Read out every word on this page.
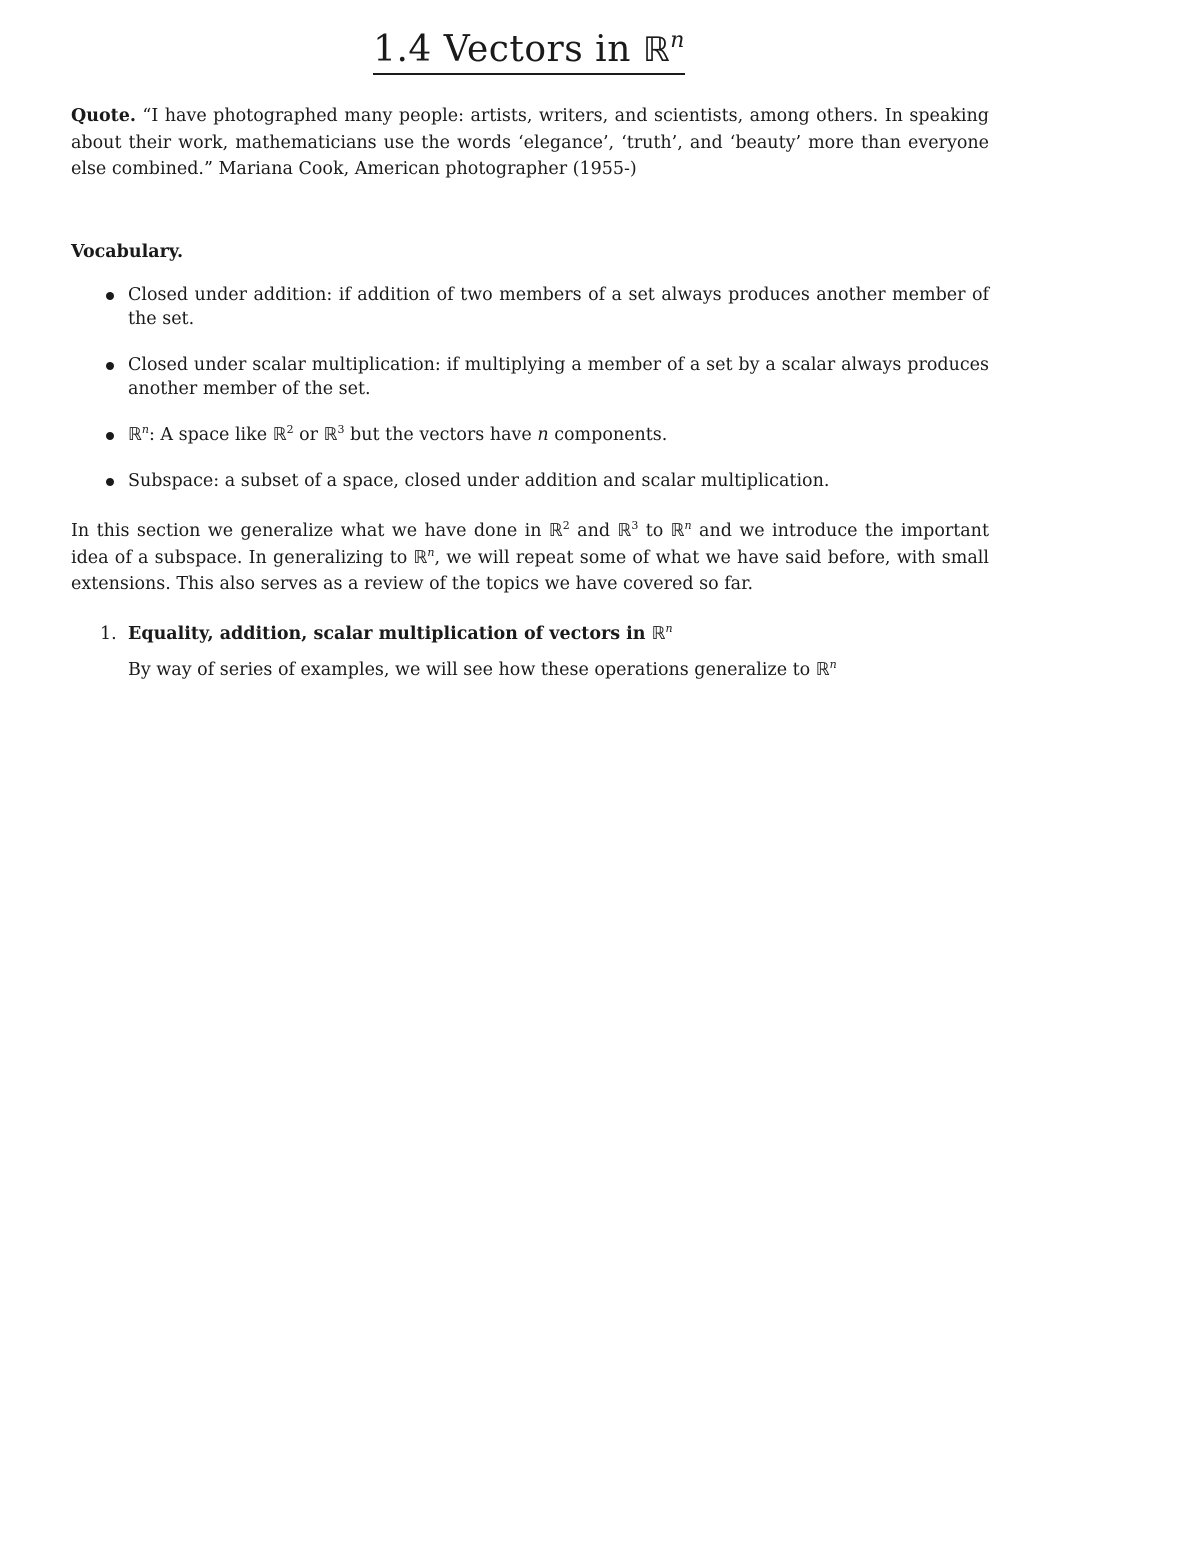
1.4 Vectors in ℝ$^n$
Quote. “I have photographed many people: artists, writers, and scientists, among others. In speaking about their work, mathematicians use the words ‘elegance’, ‘truth’, and ‘beauty’ more than everyone else combined.” Mariana Cook, American photographer (1955-)
Vocabulary.
Closed under addition: if addition of two members of a set always produces another member of the set.
Closed under scalar multiplication: if multiplying a member of a set by a scalar always produces another member of the set.
ℝ$^n$: A space like ℝ$^2$ or ℝ$^3$ but the vectors have n components.
Subspace: a subset of a space, closed under addition and scalar multiplication.
In this section we generalize what we have done in ℝ$^2$ and ℝ$^3$ to ℝ$^n$ and we introduce the important idea of a subspace. In generalizing to ℝ$^n$, we will repeat some of what we have said before, with small extensions. This also serves as a review of the topics we have covered so far.
1. Equality, addition, scalar multiplication of vectors in ℝ$^n$
By way of series of examples, we will see how these operations generalize to ℝ$^n$
